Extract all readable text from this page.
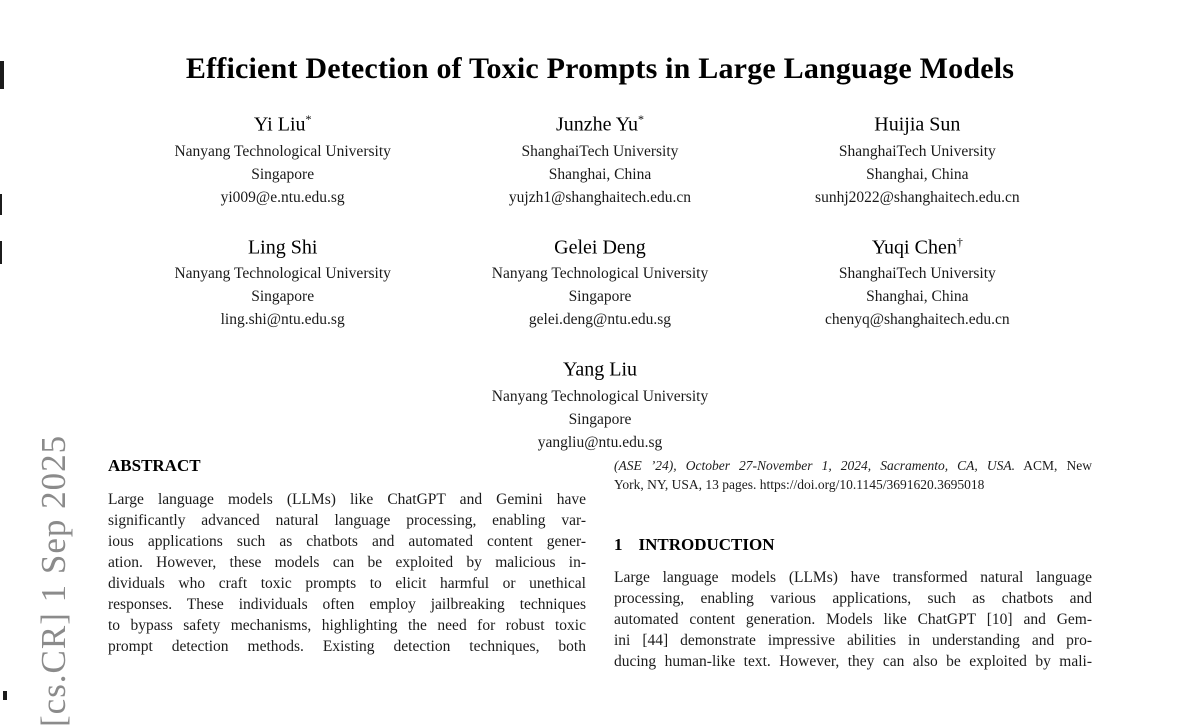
[cs.CR] 1 Sep 2025
Efficient Detection of Toxic Prompts in Large Language Models
Yi Liu*
Nanyang Technological University
Singapore
yi009@e.ntu.edu.sg
Junzhe Yu*
ShanghaiTech University
Shanghai, China
yujzh1@shanghaitech.edu.cn
Huijia Sun
ShanghaiTech University
Shanghai, China
sunhj2022@shanghaitech.edu.cn
Ling Shi
Nanyang Technological University
Singapore
ling.shi@ntu.edu.sg
Gelei Deng
Nanyang Technological University
Singapore
gelei.deng@ntu.edu.sg
Yuqi Chen†
ShanghaiTech University
Shanghai, China
chenyq@shanghaitech.edu.cn
Yang Liu
Nanyang Technological University
Singapore
yangliu@ntu.edu.sg
ABSTRACT
Large language models (LLMs) like ChatGPT and Gemini have
significantly advanced natural language processing, enabling var-
ious applications such as chatbots and automated content gener-
ation. However, these models can be exploited by malicious in-
dividuals who craft toxic prompts to elicit harmful or unethical
responses. These individuals often employ jailbreaking techniques
to bypass safety mechanisms, highlighting the need for robust toxic
prompt detection methods. Existing detection techniques, both
(ASE ’24), October 27-November 1, 2024, Sacramento, CA, USA. ACM, New
York, NY, USA, 13 pages. https://doi.org/10.1145/3691620.3695018
1 INTRODUCTION
Large language models (LLMs) have transformed natural language
processing, enabling various applications, such as chatbots and
automated content generation. Models like ChatGPT [10] and Gem-
ini [44] demonstrate impressive abilities in understanding and pro-
ducing human-like text. However, they can also be exploited by mali-
